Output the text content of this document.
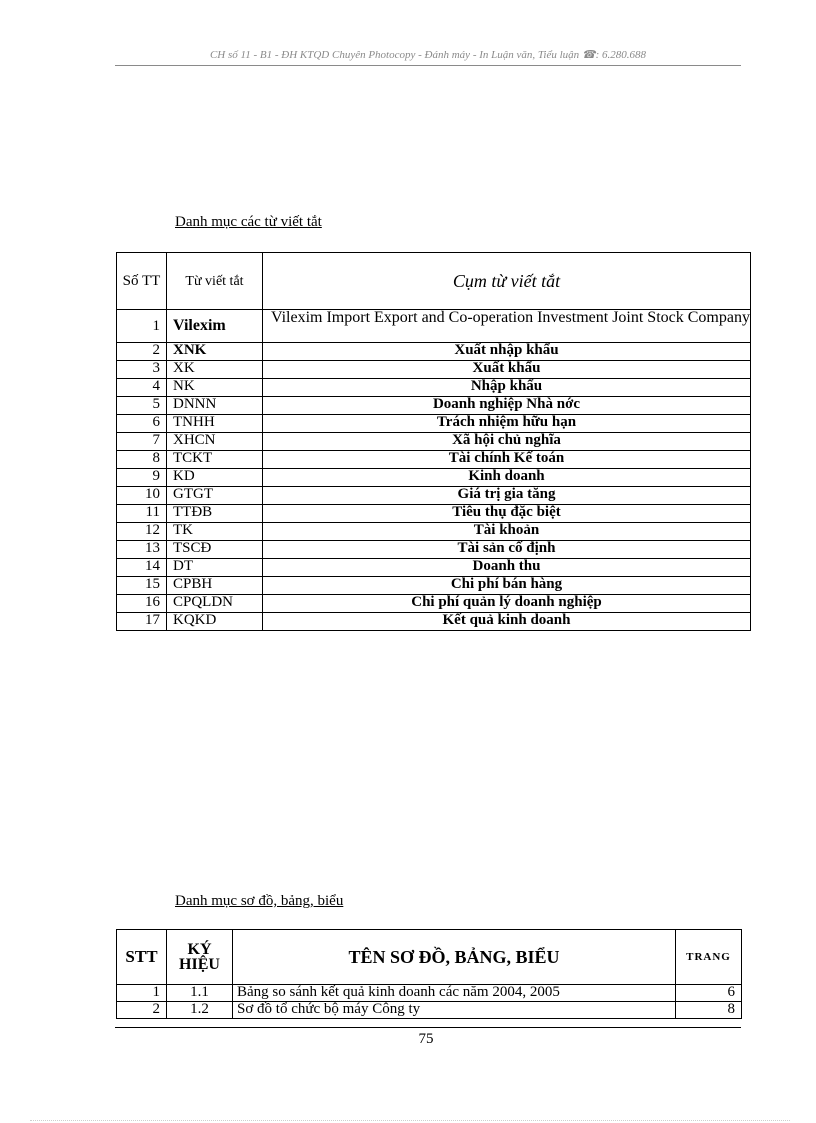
CH số 11 - B1 - ĐH KTQD Chuyên Photocopy - Đánh máy - In Luận văn, Tiểu luận ☎: 6.280.688
Danh mục các từ viết tắt
Số TT	Từ viết tắt	Cụm từ viết tắt
1	Vilexim	Vilexim Import Export and Co-operation Investment Joint Stock Company
2	XNK	Xuất nhập khẩu
3	XK	Xuất khẩu
4	NK	Nhập khẩu
5	DNNN	Doanh nghiệp Nhà nớc
6	TNHH	Trách nhiệm hữu hạn
7	XHCN	Xã hội chủ nghĩa
8	TCKT	Tài chính Kế toán
9	KD	Kinh doanh
10	GTGT	Giá trị gia tăng
11	TTĐB	Tiêu thụ đặc biệt
12	TK	Tài khoản
13	TSCĐ	Tài sản cố định
14	DT	Doanh thu
15	CPBH	Chi phí bán hàng
16	CPQLDN	Chi phí quản lý doanh nghiệp
17	KQKD	Kết quả kinh doanh
Danh mục sơ đồ, bảng, biểu
STT	KÝ HIỆU	TÊN SƠ ĐỒ, BẢNG, BIỂU	TRANG
1	1.1	Bảng so sánh kết quả kinh doanh các năm 2004, 2005	6
2	1.2	Sơ đồ tổ chức bộ máy Công ty	8
75
